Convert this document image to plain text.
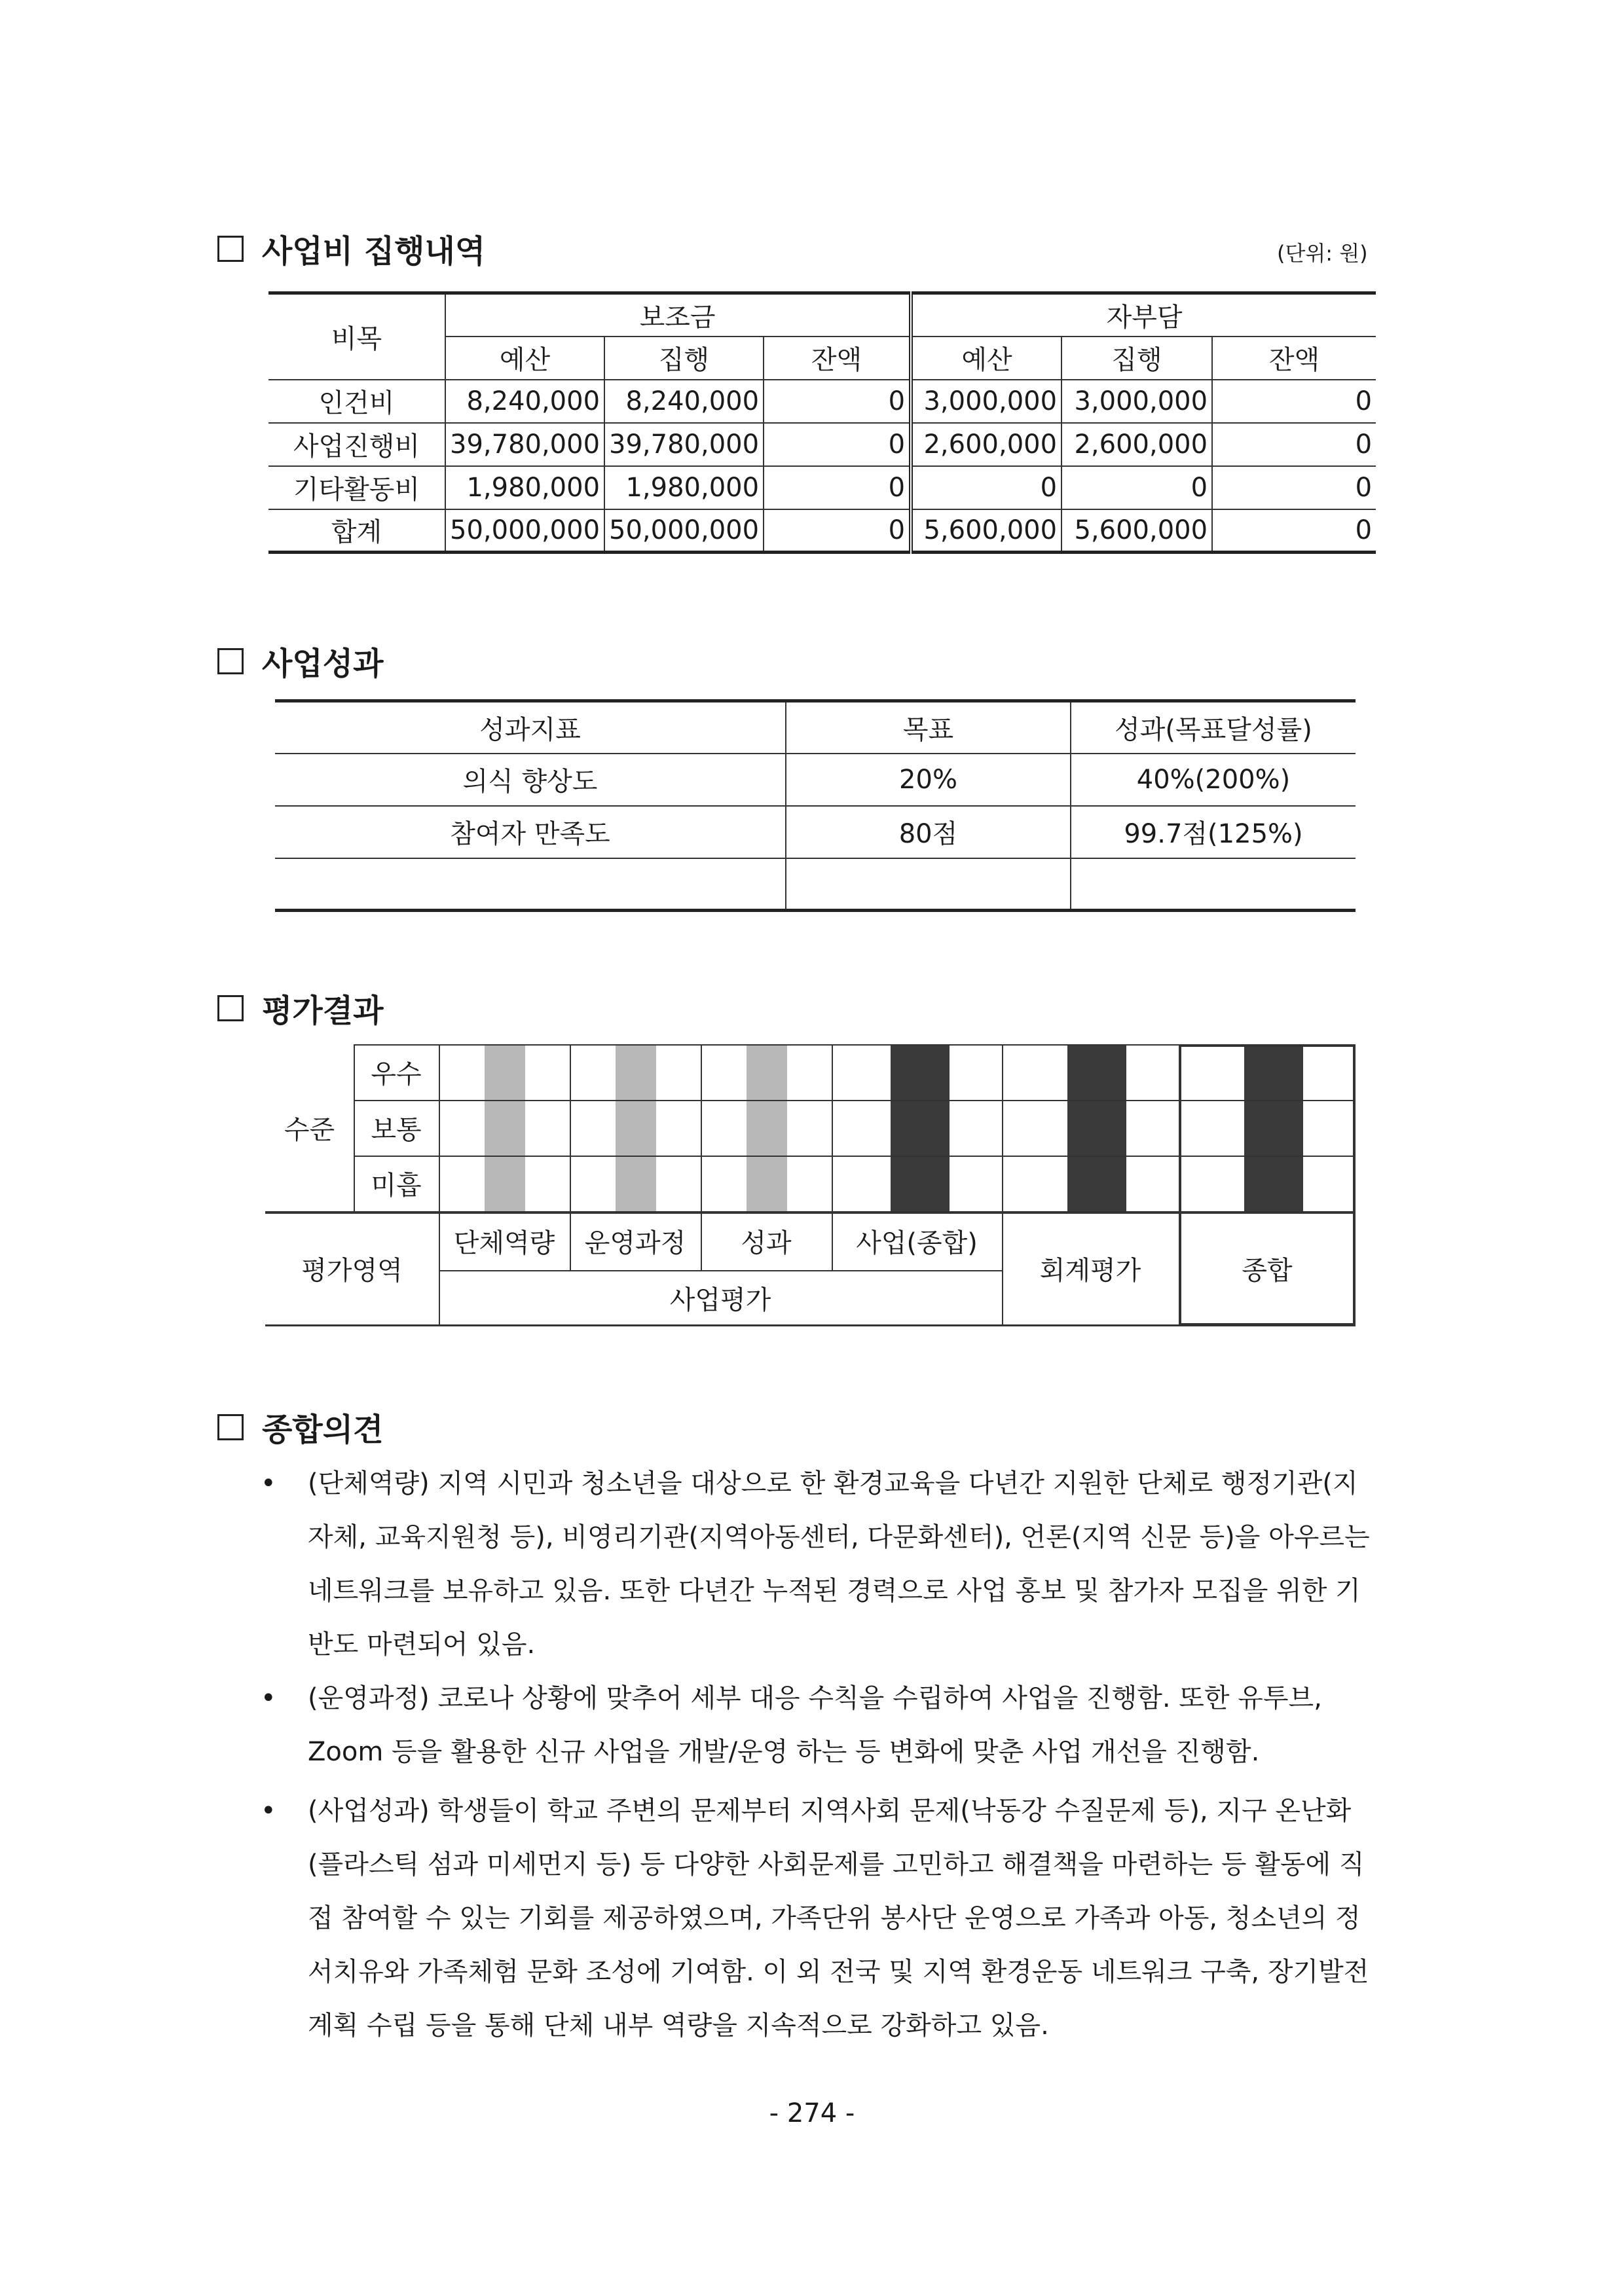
사업비 집행내역	(단위: 원)
비목	보조금			자부담		
	예산	집행	잔액	예산	집행	잔액
인건비	8,240,000	8,240,000	0	3,000,000	3,000,000	0
사업진행비	39,780,000	39,780,000	0	2,600,000	2,600,000	0
기타활동비	1,980,000	1,980,000	0	0	0	0
합계	50,000,000	50,000,000	0	5,600,000	5,600,000	0
사업성과
성과지표	목표	성과(목표달성률)
의식 향상도	20%	40%(200%)
참여자 만족도	80점	99.7점(125%)

평가결과
수준
우수
보통
미흡
평가영역
단체역량	운영과정	성과	사업(종합)
사업평가
회계평가	종합
종합의견
• (단체역량) 지역 시민과 청소년을 대상으로 한 환경교육을 다년간 지원한 단체로 행정기관(지자체, 교육지원청 등), 비영리기관(지역아동센터, 다문화센터), 언론(지역 신문 등)을 아우르는 네트워크를 보유하고 있음. 또한 다년간 누적된 경력으로 사업 홍보 및 참가자 모집을 위한 기반도 마련되어 있음.
• (운영과정) 코로나 상황에 맞추어 세부 대응 수칙을 수립하여 사업을 진행함. 또한 유투브, Zoom 등을 활용한 신규 사업을 개발/운영 하는 등 변화에 맞춘 사업 개선을 진행함.
• (사업성과) 학생들이 학교 주변의 문제부터 지역사회 문제(낙동강 수질문제 등), 지구 온난화(플라스틱 섬과 미세먼지 등) 등 다양한 사회문제를 고민하고 해결책을 마련하는 등 활동에 직접 참여할 수 있는 기회를 제공하였으며, 가족단위 봉사단 운영으로 가족과 아동, 청소년의 정서치유와 가족체험 문화 조성에 기여함. 이 외 전국 및 지역 환경운동 네트워크 구축, 장기발전계획 수립 등을 통해 단체 내부 역량을 지속적으로 강화하고 있음.
- 274 -
